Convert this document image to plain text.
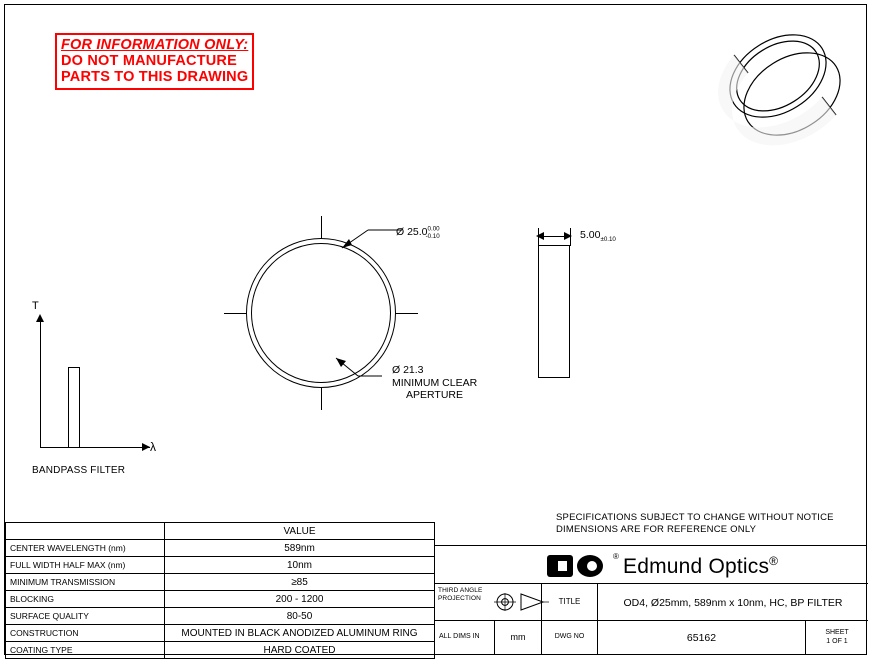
FOR INFORMATION ONLY:
DO NOT MANUFACTURE
PARTS TO THIS DRAWING
Ø $25.0^{0.00}_{-0.10}$
Ø 21.3
MINIMUM CLEAR
APERTURE
$5.00_{\pm 0.10}$
T
λ
BANDPASS FILTER
	VALUE
CENTER WAVELENGTH (nm)	589nm
FULL WIDTH HALF MAX (nm)	10nm
MINIMUM TRANSMISSION	≥85
BLOCKING	200 - 1200
SURFACE QUALITY	80-50
CONSTRUCTION	MOUNTED IN BLACK ANODIZED ALUMINUM RING
COATING TYPE	HARD COATED
SPECIFICATIONS SUBJECT TO CHANGE WITHOUT NOTICE
DIMENSIONS ARE FOR REFERENCE ONLY
® Edmund Optics®
THIRD ANGLE
PROJECTION	TITLE	OD4, Ø25mm, 589nm x 10nm, HC, BP FILTER
ALL DIMS IN	mm	DWG NO	65162	SHEET
1 OF 1
